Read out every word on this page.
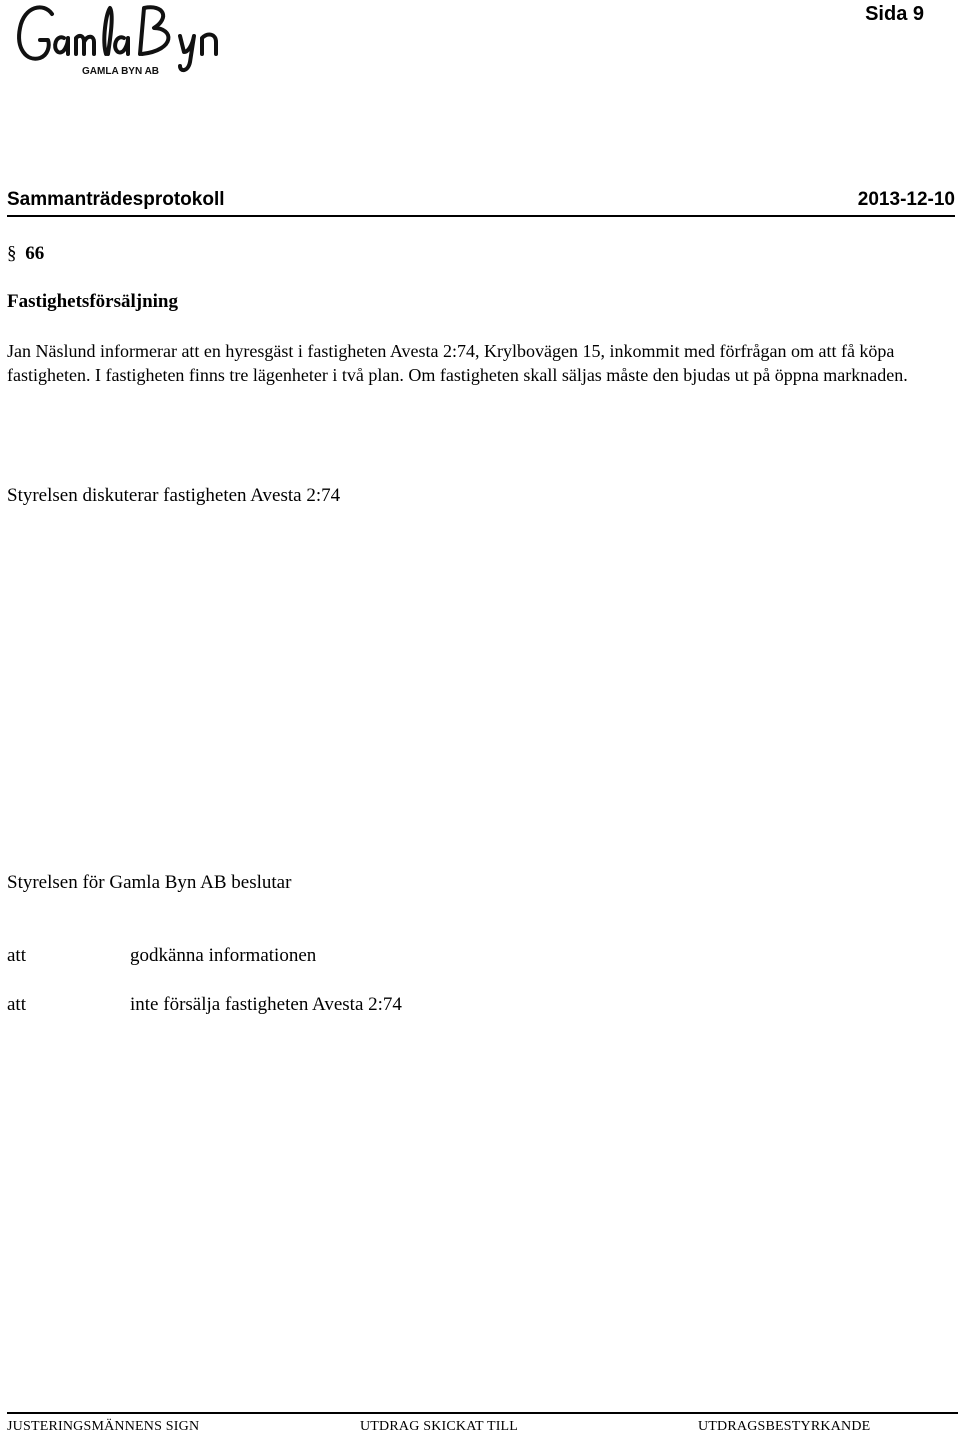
GAMLA BYN AB
Sida 9
Sammanträdesprotokoll	2013-12-10
§ 66
Fastighetsförsäljning
Jan Näslund informerar att en hyresgäst i fastigheten Avesta 2:74, Krylbovägen 15, inkommit med förfrågan om att få köpa fastigheten. I fastigheten finns tre lägenheter i två plan. Om fastigheten skall säljas måste den bjudas ut på öppna marknaden.
Styrelsen diskuterar fastigheten Avesta 2:74
Styrelsen för Gamla Byn AB beslutar
att	godkänna informationen
att	inte försälja fastigheten Avesta 2:74
JUSTERINGSMÄNNENS SIGN	UTDRAG SKICKAT TILL	UTDRAGSBESTYRKANDE
